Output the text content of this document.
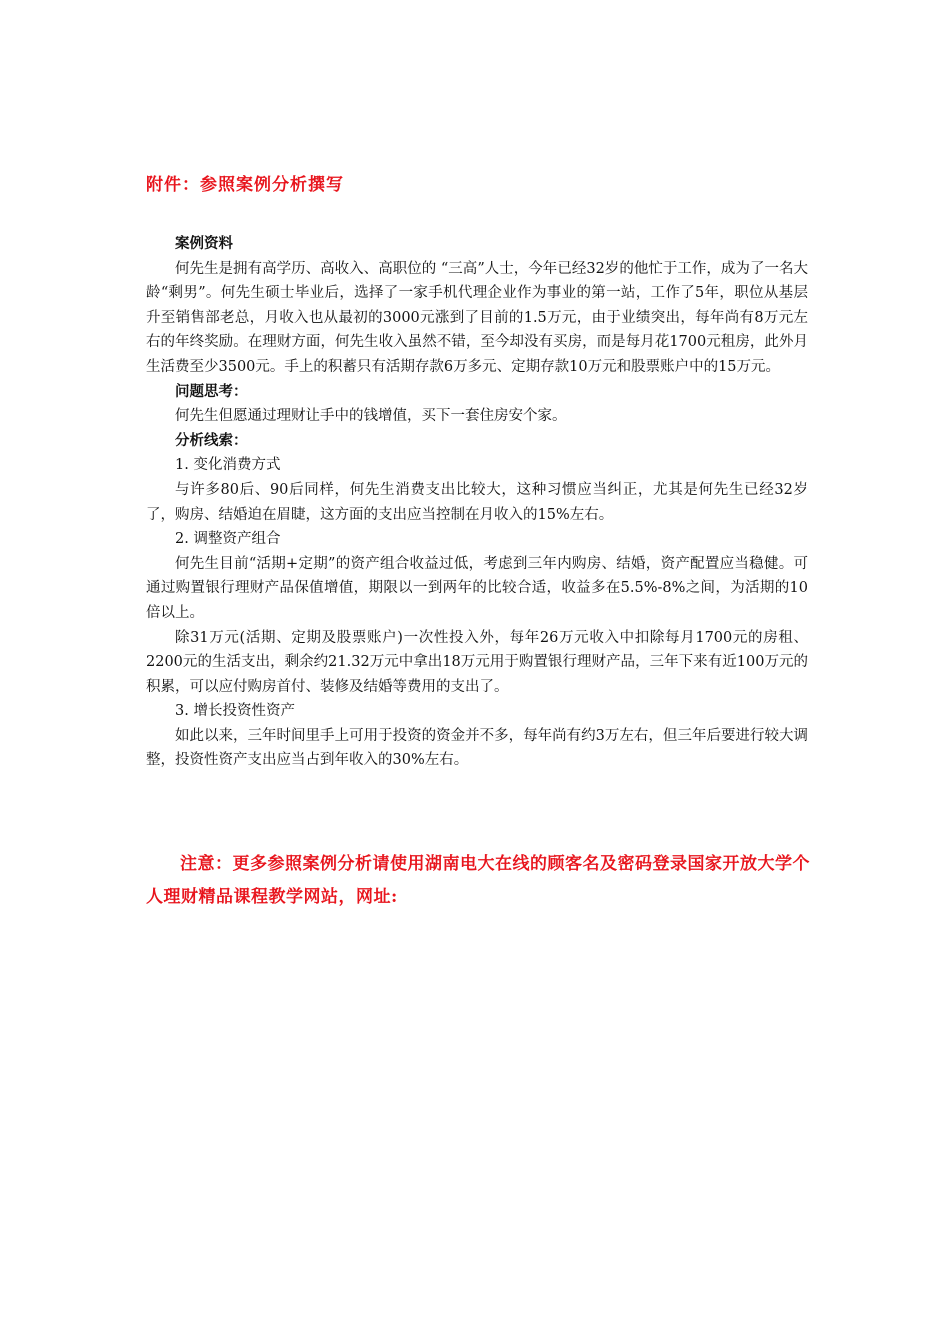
附件：参照案例分析撰写

案例资料

何先生是拥有高学历、高收入、高职位的 “三高”人士，今年已经32岁的他忙于工作，成为了一名大龄“剩男”。何先生硕士毕业后，选择了一家手机代理企业作为事业的第一站，工作了5年，职位从基层升至销售部老总，月收入也从最初的3000元涨到了目前的1.5万元，由于业绩突出，每年尚有8万元左右的年终奖励。在理财方面，何先生收入虽然不错，至今却没有买房，而是每月花1700元租房，此外月生活费至少3500元。手上的积蓄只有活期存款6万多元、定期存款10万元和股票账户中的15万元。

问题思考：

何先生但愿通过理财让手中的钱增值，买下一套住房安个家。

分析线索：

1. 变化消费方式

与许多80后、90后同样，何先生消费支出比较大，这种习惯应当纠正，尤其是何先生已经32岁了，购房、结婚迫在眉睫，这方面的支出应当控制在月收入的15%左右。

2. 调整资产组合

何先生目前“活期+定期”的资产组合收益过低，考虑到三年内购房、结婚，资产配置应当稳健。可通过购置银行理财产品保值增值，期限以一到两年的比较合适，收益多在5.5%-8%之间，为活期的10倍以上。

除31万元(活期、定期及股票账户)一次性投入外，每年26万元收入中扣除每月1700元的房租、2200元的生活支出，剩余约21.32万元中拿出18万元用于购置银行理财产品，三年下来有近100万元的积累，可以应付购房首付、装修及结婚等费用的支出了。

3. 增长投资性资产

如此以来，三年时间里手上可用于投资的资金并不多，每年尚有约3万左右，但三年后要进行较大调整，投资性资产支出应当占到年收入的30%左右。

注意：更多参照案例分析请使用湖南电大在线的顾客名及密码登录国家开放大学个人理财精品课程教学网站，网址:
